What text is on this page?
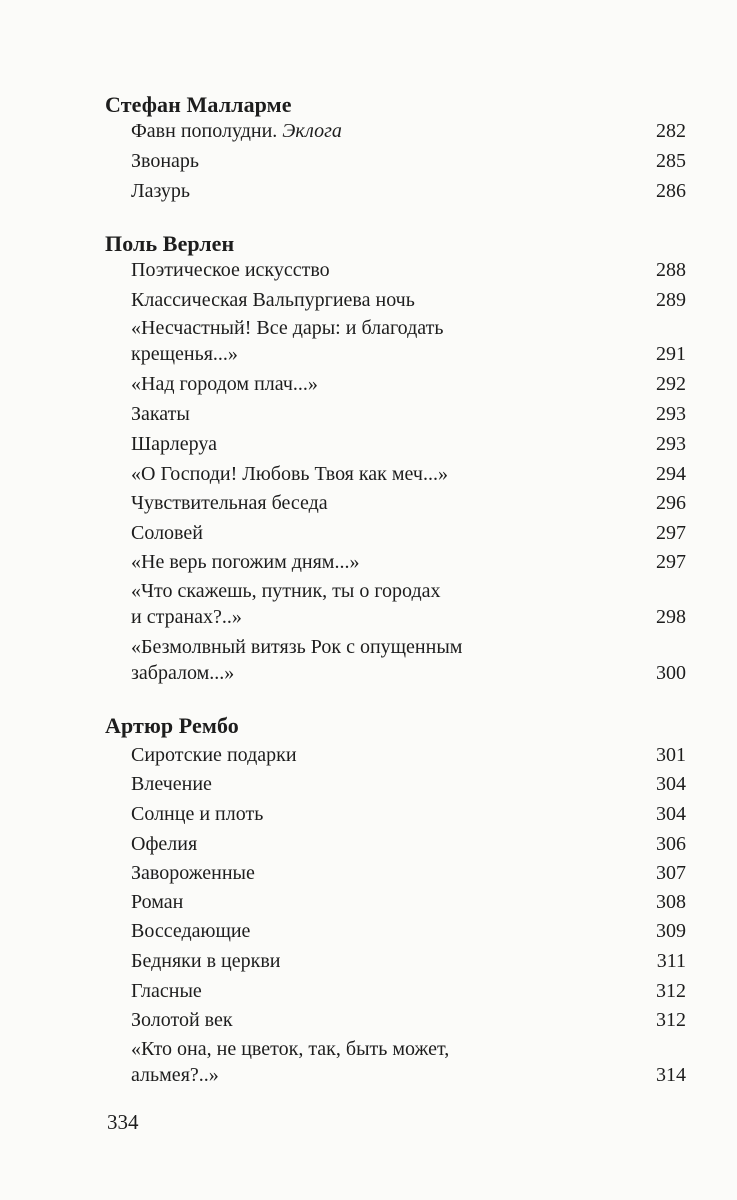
Стефан Малларме
Фавн пополудни. Эклога	282
Звонарь	285
Лазурь	286
Поль Верлен
Поэтическое искусство	288
Классическая Вальпургиева ночь	289
«Несчастный! Все дары: и благодать
крещенья...»	291
«Над городом плач...»	292
Закаты	293
Шарлеруа	293
«О Господи! Любовь Твоя как меч...»	294
Чувствительная беседа	296
Соловей	297
«Не верь погожим дням...»	297
«Что скажешь, путник, ты о городах
и странах?..»	298
«Безмолвный витязь Рок с опущенным
забралом...»	300
Артюр Рембо
Сиротские подарки	301
Влечение	304
Солнце и плоть	304
Офелия	306
Завороженные	307
Роман	308
Восседающие	309
Бедняки в церкви	311
Гласные	312
Золотой век	312
«Кто она, не цветок, так, быть может,
альмея?..»	314
334
